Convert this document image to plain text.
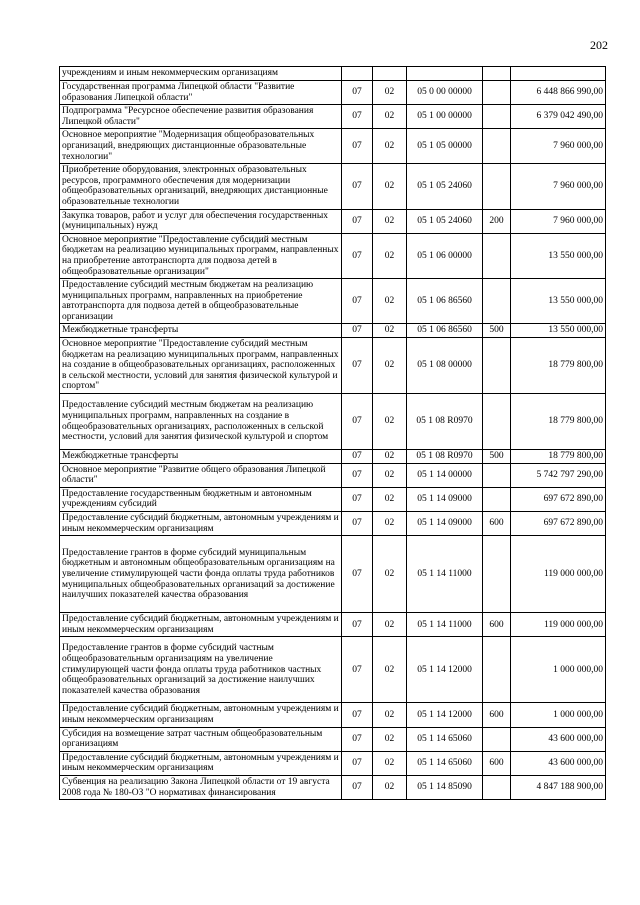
202
учреждениям и иным некоммерческим организациям					
Государственная программа Липецкой области "Развитие образования Липецкой области"	07	02	05 0 00 00000		6 448 866 990,00
Подпрограмма "Ресурсное обеспечение развития образования Липецкой области"	07	02	05 1 00 00000		6 379 042 490,00
Основное мероприятие "Модернизация общеобразовательных организаций, внедряющих дистанционные образовательные технологии"	07	02	05 1 05 00000		7 960 000,00
Приобретение оборудования, электронных образовательных ресурсов, программного обеспечения для модернизации общеобразовательных организаций, внедряющих дистанционные образовательные технологии	07	02	05 1 05 24060		7 960 000,00
Закупка товаров, работ и услуг для обеспечения государственных (муниципальных) нужд	07	02	05 1 05 24060	200	7 960 000,00
Основное мероприятие "Предоставление субсидий местным бюджетам на реализацию муниципальных программ, направленных на приобретение автотранспорта для подвоза детей в общеобразовательные организации"	07	02	05 1 06 00000		13 550 000,00
Предоставление субсидий местным бюджетам на реализацию муниципальных программ, направленных на приобретение автотранспорта для подвоза детей в общеобразовательные организации	07	02	05 1 06 86560		13 550 000,00
Межбюджетные трансферты	07	02	05 1 06 86560	500	13 550 000,00
Основное мероприятие "Предоставление субсидий местным бюджетам на реализацию муниципальных программ, направленных на создание в общеобразовательных организациях, расположенных в сельской местности, условий для занятия физической культурой и спортом"	07	02	05 1 08 00000		18 779 800,00
Предоставление субсидий местным бюджетам на реализацию муниципальных программ, направленных на создание в общеобразовательных организациях, расположенных в сельской местности, условий для занятия физической культурой и спортом	07	02	05 1 08 R0970		18 779 800,00
Межбюджетные трансферты	07	02	05 1 08 R0970	500	18 779 800,00
Основное мероприятие "Развитие общего образования Липецкой области"	07	02	05 1 14 00000		5 742 797 290,00
Предоставление государственным бюджетным и автономным учреждениям субсидий	07	02	05 1 14 09000		697 672 890,00
Предоставление субсидий бюджетным, автономным учреждениям и иным некоммерческим организациям	07	02	05 1 14 09000	600	697 672 890,00
Предоставление грантов в форме субсидий муниципальным бюджетным и автономным общеобразовательным организациям на увеличение стимулирующей части фонда оплаты труда работников муниципальных общеобразовательных организаций за достижение наилучших показателей качества образования	07	02	05 1 14 11000		119 000 000,00
Предоставление субсидий бюджетным, автономным учреждениям и иным некоммерческим организациям	07	02	05 1 14 11000	600	119 000 000,00
Предоставление грантов в форме субсидий частным общеобразовательным организациям на увеличение стимулирующей части фонда оплаты труда работников частных общеобразовательных организаций за достижение наилучших показателей качества образования	07	02	05 1 14 12000		1 000 000,00
Предоставление субсидий бюджетным, автономным учреждениям и иным некоммерческим организациям	07	02	05 1 14 12000	600	1 000 000,00
Субсидия на возмещение затрат частным общеобразовательным организациям	07	02	05 1 14 65060		43 600 000,00
Предоставление субсидий бюджетным, автономным учреждениям и иным некоммерческим организациям	07	02	05 1 14 65060	600	43 600 000,00
Субвенция на реализацию Закона Липецкой области от 19 августа 2008 года № 180-ОЗ "О нормативах финансирования	07	02	05 1 14 85090		4 847 188 900,00
